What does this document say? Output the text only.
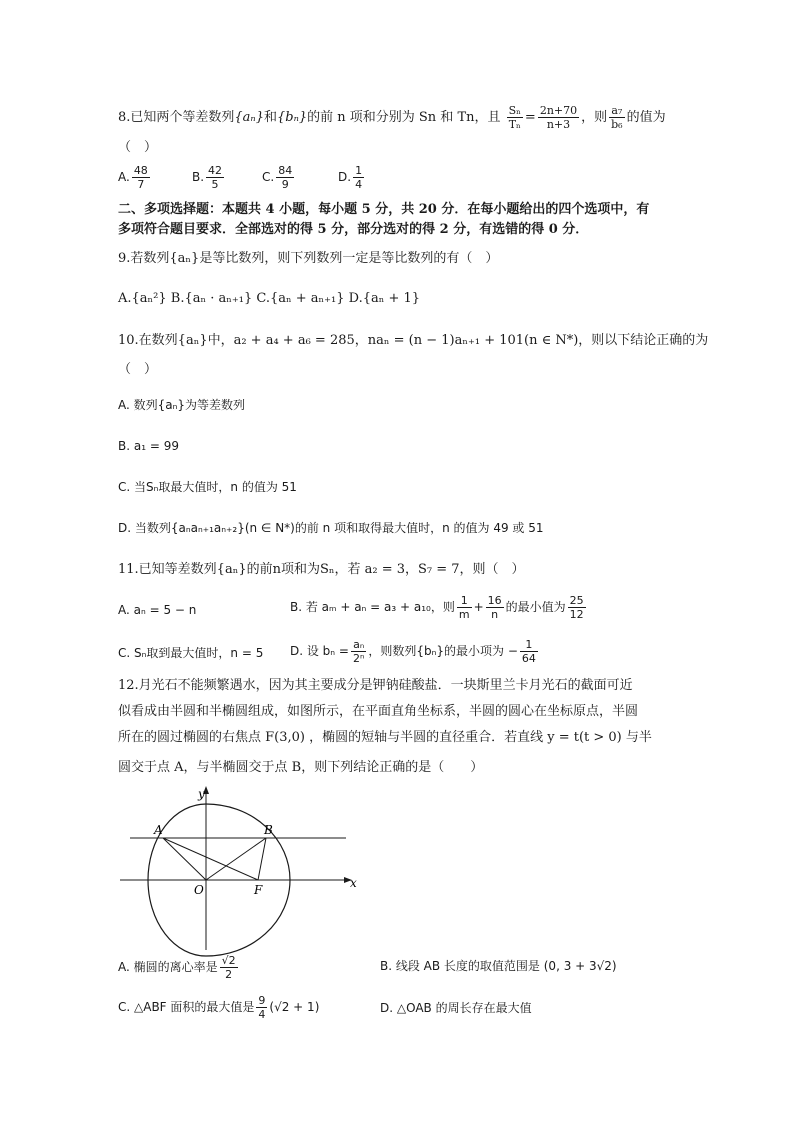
8.已知两个等差数列{aₙ}和{bₙ}的前 n 项和分别为 Sn 和 Tn，且 $\frac{\text{Sₙ}}{\text{Tₙ}} = \frac{2n+70}{n+3}$ ，则 $\frac{\text{a₇}}{\text{b₆}}$ 的值为
（　）
A. $\frac{48}{7}$	B. $\frac{42}{5}$	C. $\frac{84}{9}$	D. $\frac{1}{4}$
二、多项选择题：本题共 4 小题，每小题 5 分，共 20 分．在每小题给出的四个选项中，有
多项符合题目要求．全部选对的得 5 分，部分选对的得 2 分，有选错的得 0 分．
9.若数列{aₙ}是等比数列，则下列数列一定是等比数列的有（　）
A.{aₙ²} B.{aₙ · aₙ₊₁} C.{aₙ + aₙ₊₁} D.{aₙ + 1}
10.在数列{aₙ}中，a₂ + a₄ + a₆ = 285，naₙ = (n − 1)aₙ₊₁ + 101(n ∈ N*)，则以下结论正确的为
（　）
A. 数列{aₙ}为等差数列
B. a₁ = 99
C. 当Sₙ取最大值时，n 的值为 51
D. 当数列{aₙaₙ₊₁aₙ₊₂}(n ∈ N*)的前 n 项和取得最大值时，n 的值为 49 或 51
11.已知等差数列{aₙ}的前n项和为Sₙ，若 a₂ = 3，S₇ = 7，则（　）
A. aₙ = 5 − n	B. 若 aₘ + aₙ = a₃ + a₁₀，则 $\frac{1}{m} + \frac{16}{n}$ 的最小值为 $\frac{25}{12}$
C. Sₙ取到最大值时，n = 5 D. 设 $b_n = \frac{\text{aₙ}}{\text{2ⁿ}}$ ，则数列{bₙ}的最小项为 − $\frac{1}{64}$
12.月光石不能频繁遇水，因为其主要成分是钾钠硅酸盐．一块斯里兰卡月光石的截面可近
似看成由半圆和半椭圆组成，如图所示，在平面直角坐标系，半圆的圆心在坐标原点，半圆
所在的圆过椭圆的右焦点 F(3,0) ，椭圆的短轴与半圆的直径重合．若直线 y = t(t > 0) 与半
圆交于点 A，与半椭圆交于点 B，则下列结论正确的是（　　）
y
x
A	B
O	F
A. 椭圆的离心率是 $\frac{√2}{2}$	B. 线段 AB 长度的取值范围是 (0, 3 + 3√2)
C. △ABF 面积的最大值是 $\frac{9}{4} (√2 + 1)$	D. △OAB 的周长存在最大值
